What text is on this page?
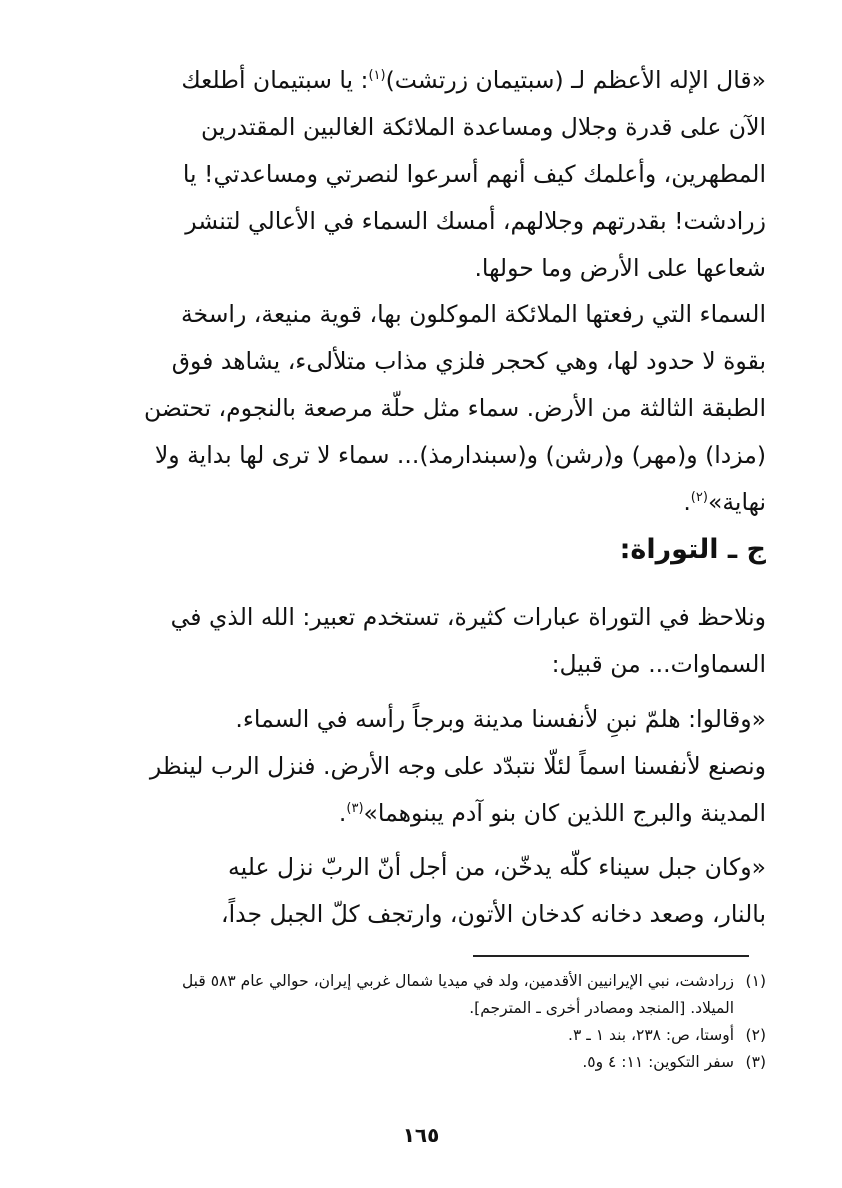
«قال الإله الأعظم لـ (سبتيمان زرتشت)$^{(١)}$: يا سبتيمان أطلعك
الآن على قدرة وجلال ومساعدة الملائكة الغالبين المقتدرين
المطهرين، وأعلمك كيف أنهم أسرعوا لنصرتي ومساعدتي! يا
زرادشت! بقدرتهم وجلالهم، أمسك السماء في الأعالي لتنشر
شعاعها على الأرض وما حولها.

السماء التي رفعتها الملائكة الموكلون بها، قوية منيعة، راسخة
بقوة لا حدود لها، وهي كحجر فلزي مذاب متلألىء، يشاهد فوق
الطبقة الثالثة من الأرض. سماء مثل حلّة مرصعة بالنجوم، تحتضن
(مزدا) و(مهر) و(رشن) و(سبندارمذ)... سماء لا ترى لها بداية ولا
نهاية»$^{(٢)}$.

ج ـ التوراة:

ونلاحظ في التوراة عبارات كثيرة، تستخدم تعبير: الله الذي في
السماوات... من قبيل:

«وقالوا: هلمّ نبنِ لأنفسنا مدينة وبرجاً رأسه في السماء.
ونصنع لأنفسنا اسماً لئلّا نتبدّد على وجه الأرض. فنزل الرب لينظر
المدينة والبرج اللذين كان بنو آدم يبنوهما»$^{(٣)}$.

«وكان جبل سيناء كلّه يدخّن، من أجل أنّ الربّ نزل عليه
بالنار، وصعد دخانه كدخان الأتون، وارتجف كلّ الجبل جداً،

(١)زرادشت، نبي الإيرانيين الأقدمين، ولد في ميديا شمال غربي إيران، حوالي عام ٥٨٣ قبل
الميلاد. [المنجد ومصادر أخرى ـ المترجم].
(٢)أوستا، ص: ٢٣٨، بند ١ ـ ٣.
(٣)سفر التكوين: ١١: ٤ و٥.
١٦٥
